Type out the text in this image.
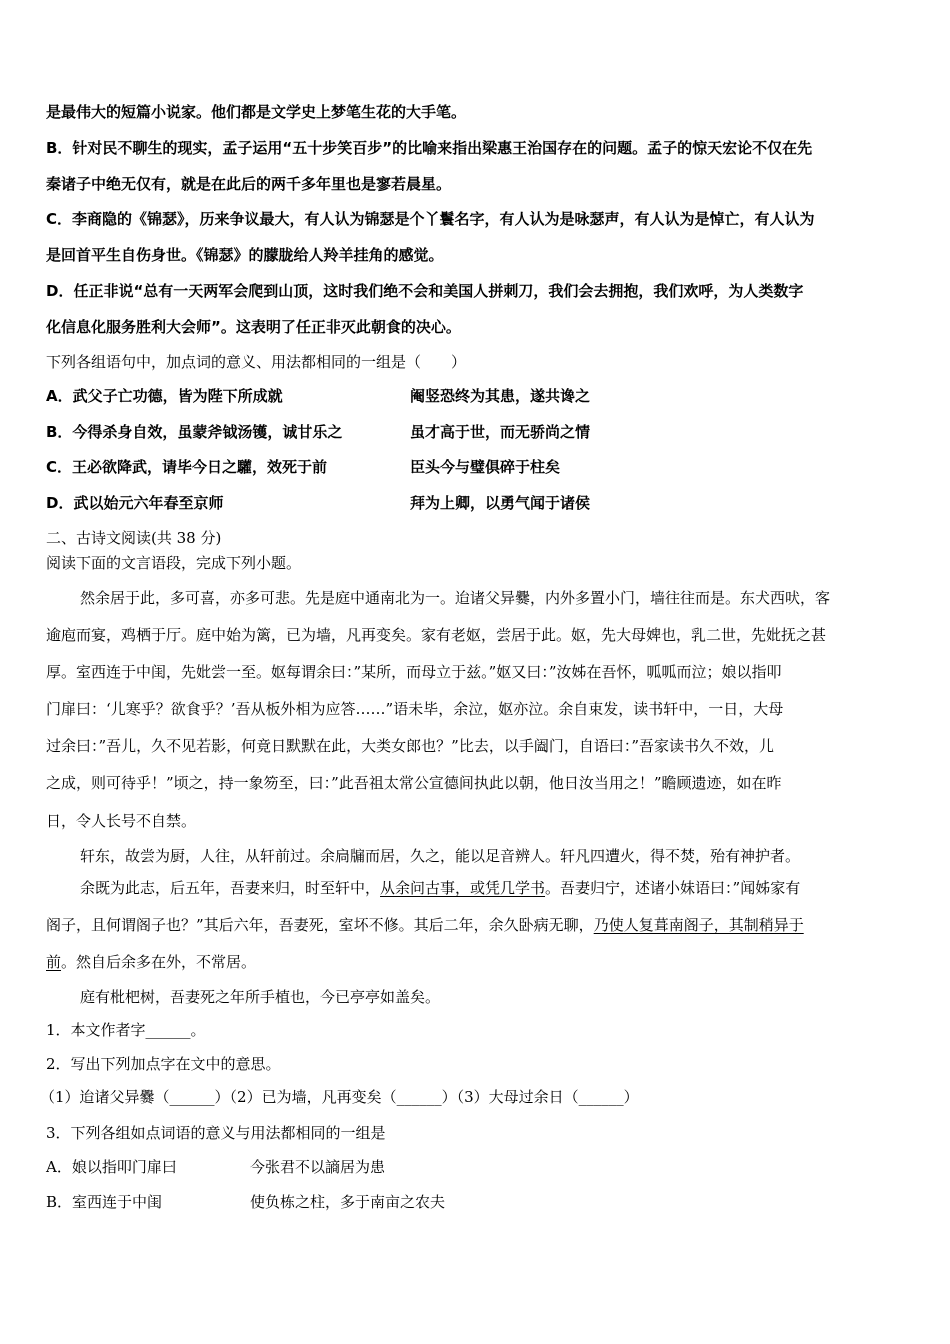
是最伟大的短篇小说家。他们都是文学史上梦笔生花的大手笔。
B．针对民不聊生的现实，孟子运用“五十步笑百步”的比喻来指出梁惠王治国存在的问题。孟子的惊天宏论不仅在先
秦诸子中绝无仅有，就是在此后的两千多年里也是寥若晨星。
C．李商隐的《锦瑟》，历来争议最大，有人认为锦瑟是个丫鬟名字，有人认为是咏瑟声，有人认为是悼亡，有人认为
是回首平生自伤身世。《锦瑟》的朦胧给人羚羊挂角的感觉。
D．任正非说“总有一天两军会爬到山顶，这时我们绝不会和美国人拼刺刀，我们会去拥抱，我们欢呼，为人类数字
化信息化服务胜利大会师”。这表明了任正非灭此朝食的决心。
下列各组语句中，加点词的意义、用法都相同的一组是（　　）
A．武父子亡功德，皆为陛下所成就	阉竖恐终为其患，遂共谗之
B．今得杀身自效，虽蒙斧钺汤镬，诚甘乐之	虽才高于世，而无骄尚之情
C．王必欲降武，请毕今日之驩，效死于前	臣头今与璧俱碎于柱矣
D．武以始元六年春至京师	拜为上卿，以勇气闻于诸侯
二、古诗文阅读(共 38 分)
阅读下面的文言语段，完成下列小题。
然余居于此，多可喜，亦多可悲。先是庭中通南北为一。迨诸父异爨，内外多置小门，墙往往而是。东犬西吠，客
逾庖而宴，鸡栖于厅。庭中始为篱，已为墙，凡再变矣。家有老妪，尝居于此。妪，先大母婢也，乳二世，先妣抚之甚
厚。室西连于中闺，先妣尝一至。妪每谓余曰：”某所，而母立于兹。”妪又曰：”汝姊在吾怀，呱呱而泣；娘以指叩
门扉曰：‘儿寒乎？欲食乎？’吾从板外相为应答……”语未毕，余泣，妪亦泣。余自束发，读书轩中，一日，大母
过余曰：”吾儿，久不见若影，何竟日默默在此，大类女郎也？”比去，以手阖门，自语曰：”吾家读书久不效，儿
之成，则可待乎！”顷之，持一象笏至，曰：”此吾祖太常公宣德间执此以朝，他日汝当用之！”瞻顾遗迹，如在昨
日，令人长号不自禁。
轩东，故尝为厨，人往，从轩前过。余扃牖而居，久之，能以足音辨人。轩凡四遭火，得不焚，殆有神护者。
余既为此志，后五年，吾妻来归，时至轩中，从余问古事，或凭几学书。吾妻归宁，述诸小妹语曰：”闻姊家有
阁子，且何谓阁子也？”其后六年，吾妻死，室坏不修。其后二年，余久卧病无聊，乃使人复葺南阁子，其制稍异于
前。然自后余多在外，不常居。
庭有枇杷树，吾妻死之年所手植也，今已亭亭如盖矣。
1．本文作者字______。
2．写出下列加点字在文中的意思。
（1）迨诸父异爨（______）（2）已为墙，凡再变矣（______）（3）大母过余日（______）
3．下列各组如点词语的意义与用法都相同的一组是
A．娘以指叩门扉曰	今张君不以謪居为患
B．室西连于中闺	使负栋之柱，多于南亩之农夫
